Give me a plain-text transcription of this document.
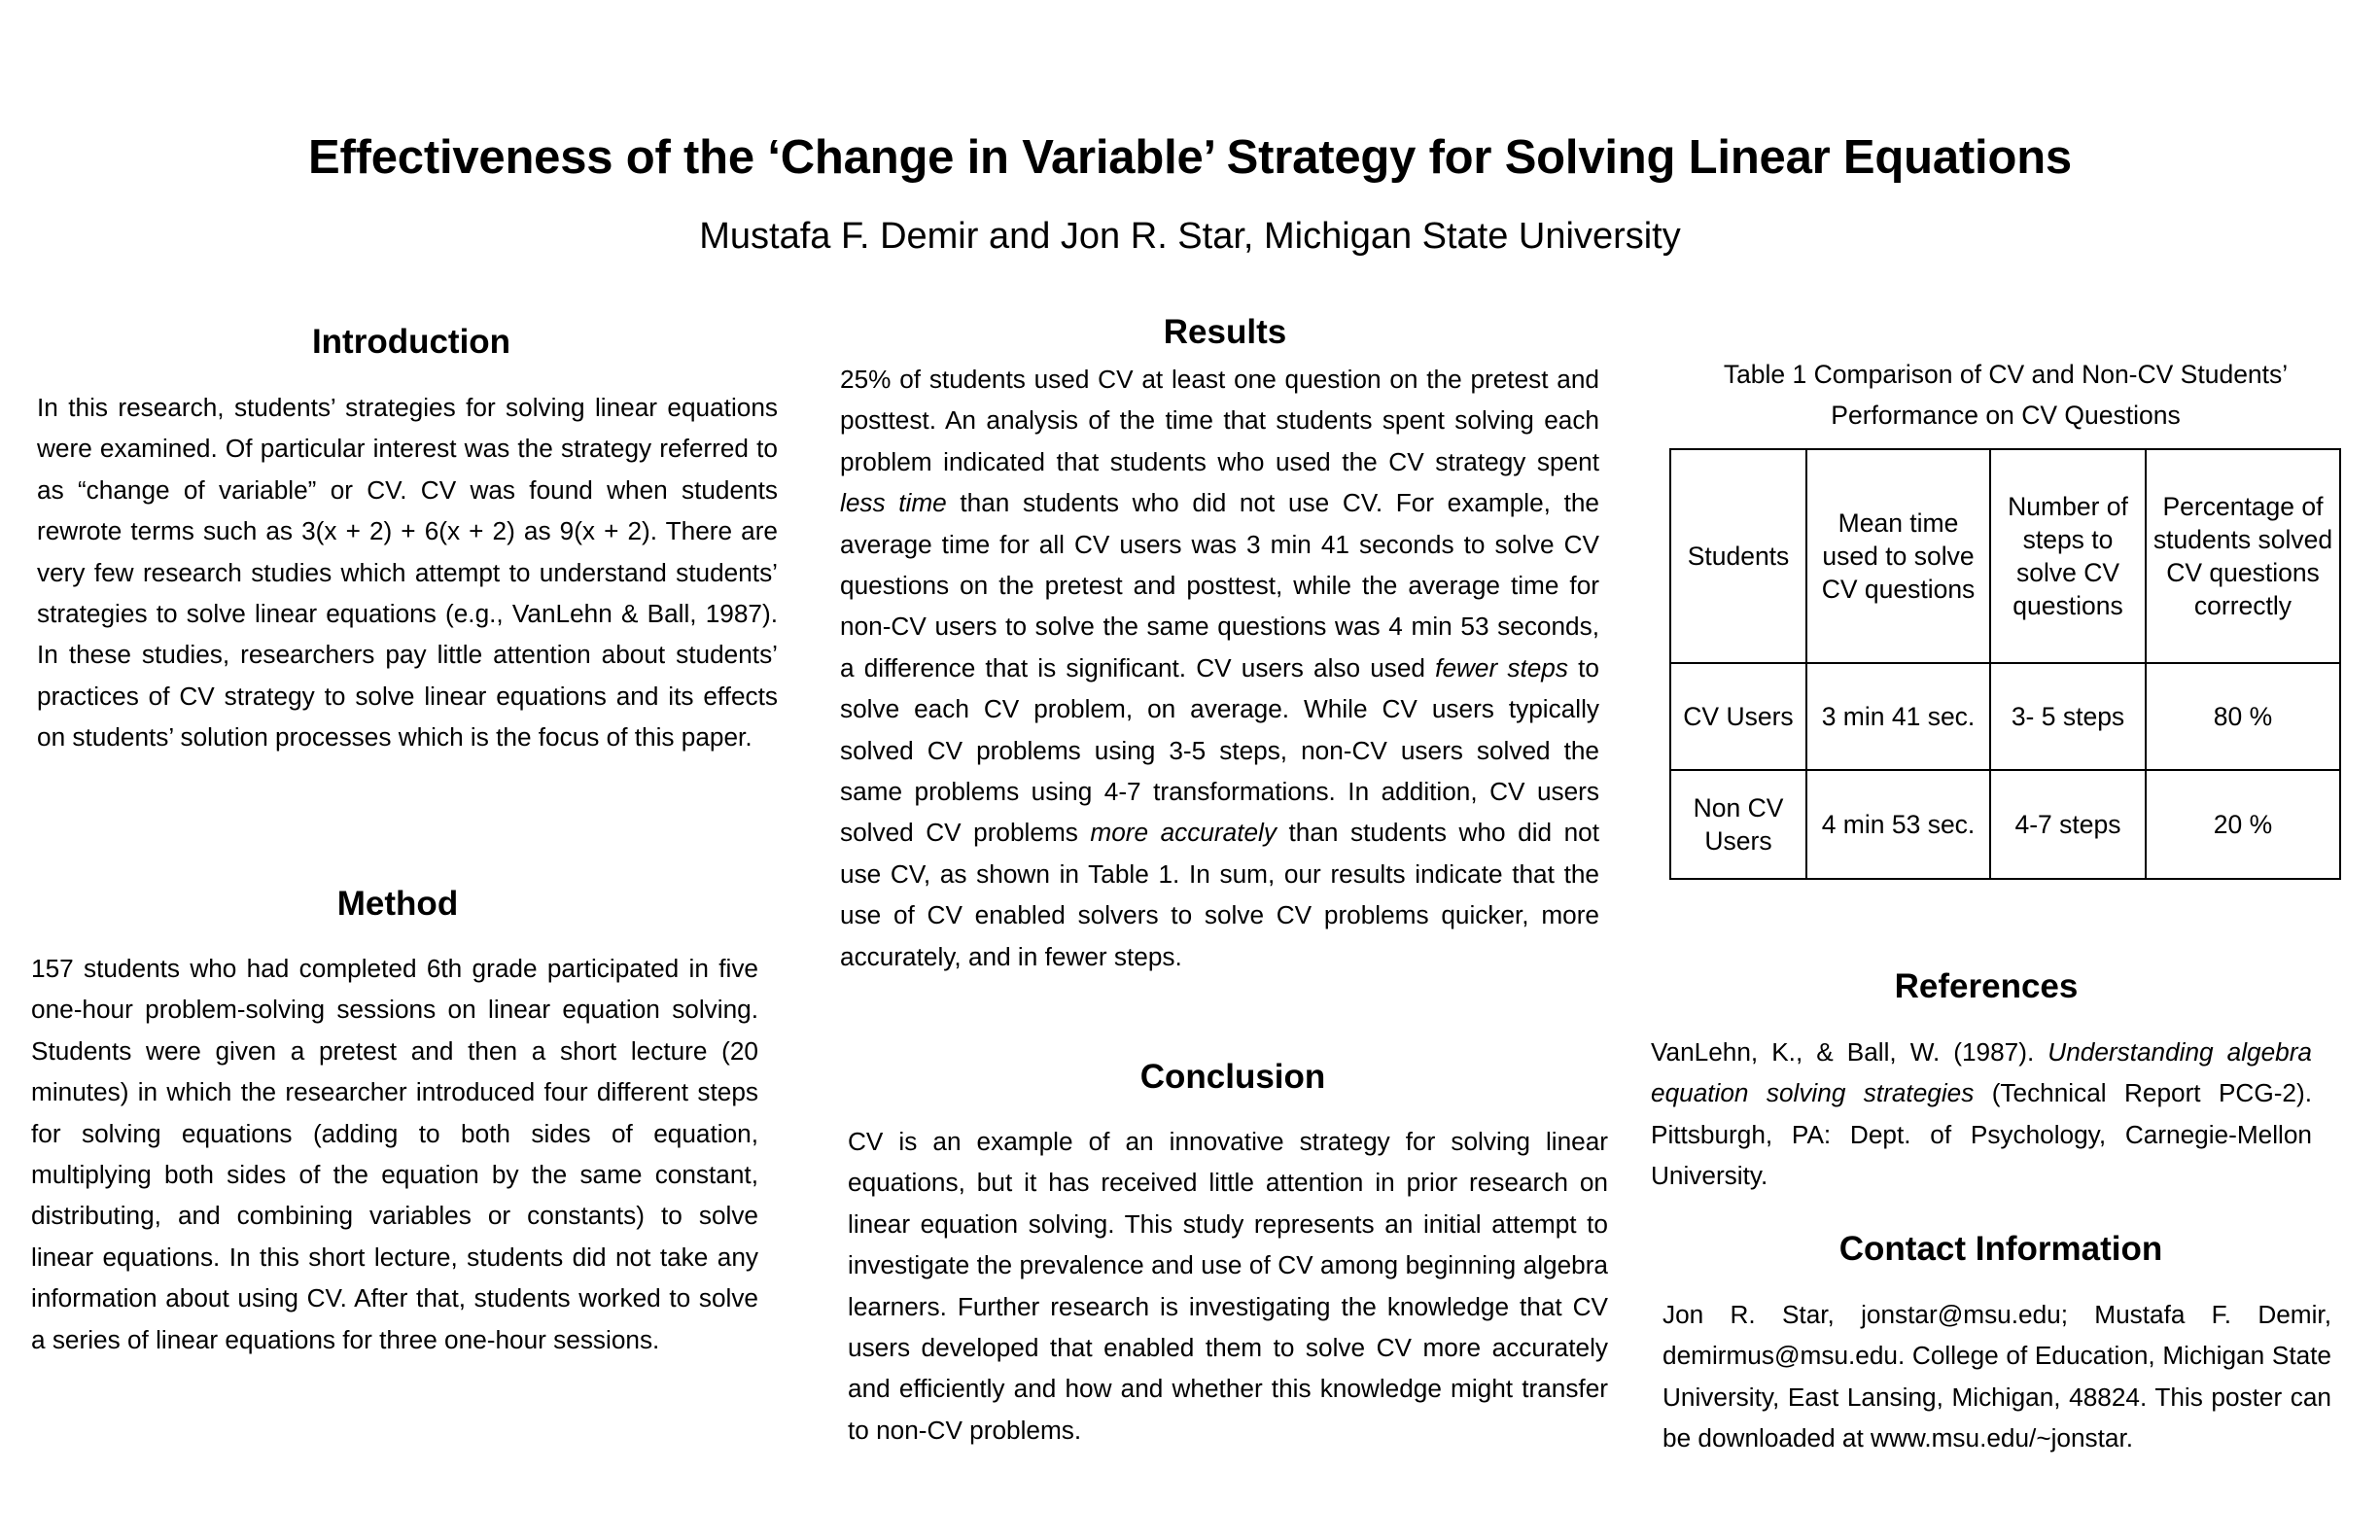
Effectiveness of the ‘Change in Variable’ Strategy for Solving Linear Equations
Mustafa F. Demir and Jon R. Star, Michigan State University
Introduction

In this research, students’ strategies for solving linear equations were examined. Of particular interest was the strategy referred to as “change of variable” or CV. CV was found when students rewrote terms such as 3(x + 2) + 6(x + 2) as 9(x + 2). There are very few research studies which attempt to understand students’ strategies to solve linear equations (e.g., VanLehn & Ball, 1987). In these studies, researchers pay little attention about students’ practices of CV strategy to solve linear equations and its effects on students’ solution processes which is the focus of this paper.

Method

157 students who had completed 6th grade participated in five one-hour problem-solving sessions on linear equation solving. Students were given a pretest and then a short lecture (20 minutes) in which the researcher introduced four different steps for solving equations (adding to both sides of equation, multiplying both sides of the equation by the same constant, distributing, and combining variables or constants) to solve linear equations. In this short lecture, students did not take any information about using CV. After that, students worked to solve a series of linear equations for three one-hour sessions.

Results

25% of students used CV at least one question on the pretest and posttest. An analysis of the time that students spent solving each problem indicated that students who used the CV strategy spent less time than students who did not use CV. For example, the average time for all CV users was 3 min 41 seconds to solve CV questions on the pretest and posttest, while the average time for non-CV users to solve the same questions was 4 min 53 seconds, a difference that is significant. CV users also used fewer steps to solve each CV problem, on average. While CV users typically solved CV problems using 3-5 steps, non-CV users solved the same problems using 4-7 transformations. In addition, CV users solved CV problems more accurately than students who did not use CV, as shown in Table 1. In sum, our results indicate that the use of CV enabled solvers to solve CV problems quicker, more accurately, and in fewer steps.

Conclusion

CV is an example of an innovative strategy for solving linear equations, but it has received little attention in prior research on linear equation solving. This study represents an initial attempt to investigate the prevalence and use of CV among beginning algebra learners. Further research is investigating the knowledge that CV users developed that enabled them to solve CV more accurately and efficiently and how and whether this knowledge might transfer to non-CV problems.

Table 1 Comparison of CV and Non-CV Students’
Performance on CV Questions
Students	Mean time used to solve CV questions	Number of steps to solve CV questions	Percentage of students solved CV questions correctly
CV Users	3 min 41 sec.	3- 5 steps	80 %
Non CV Users	4 min 53 sec.	4-7 steps	20 %
References

VanLehn, K., & Ball, W. (1987). Understanding algebra equation solving strategies (Technical Report PCG-2). Pittsburgh, PA: Dept. of Psychology, Carnegie-Mellon University.

Contact Information

Jon R. Star, jonstar@msu.edu; Mustafa F. Demir, demirmus@msu.edu. College of Education, Michigan State University, East Lansing, Michigan, 48824. This poster can be downloaded at www.msu.edu/~jonstar.
